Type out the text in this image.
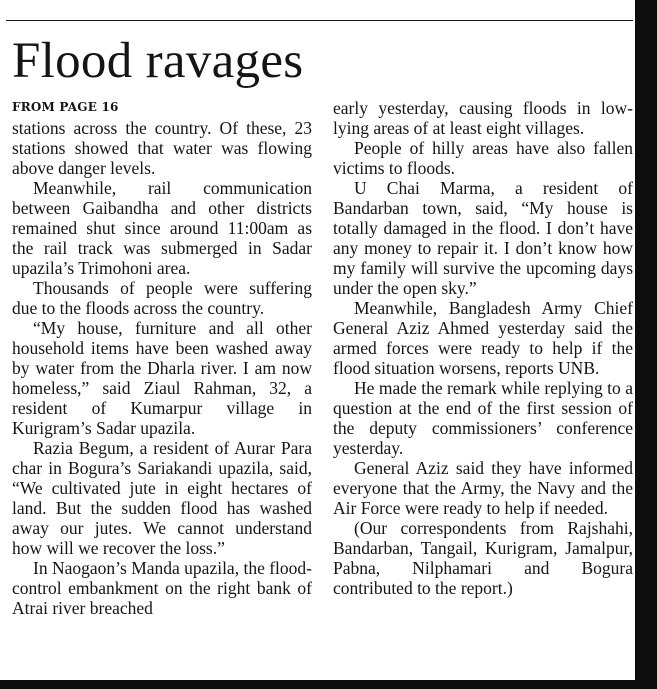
Flood ravages
FROM PAGE 16

stations across the country. Of these, 23 stations showed that water was flowing above danger levels.

Meanwhile, rail communication between Gaibandha and other districts remained shut since around 11:00am as the rail track was submerged in Sadar upazila’s Trimohoni area.

Thousands of people were suffering due to the floods across the country.

“My house, furniture and all other household items have been washed away by water from the Dharla river. I am now homeless,” said Ziaul Rahman, 32, a resident of Kumarpur village in Kurigram’s Sadar upazila.

Razia Begum, a resident of Aurar Para char in Bogura’s Sariakandi upazila, said, “We cultivated jute in eight hectares of land. But the sudden flood has washed away our jutes. We cannot understand how will we recover the loss.”

In Naogaon’s Manda upazila, the flood-control embankment on the right bank of Atrai river breached

early yesterday, causing floods in low-lying areas of at least eight villages.

People of hilly areas have also fallen victims to floods.

U Chai Marma, a resident of Bandarban town, said, “My house is totally damaged in the flood. I don’t have any money to repair it. I don’t know how my family will survive the upcoming days under the open sky.”

Meanwhile, Bangladesh Army Chief General Aziz Ahmed yesterday said the armed forces were ready to help if the flood situation worsens, reports UNB.

He made the remark while replying to a question at the end of the first session of the deputy commissioners’ conference yesterday.

General Aziz said they have informed everyone that the Army, the Navy and the Air Force were ready to help if needed.

(Our correspondents from Rajshahi, Bandarban, Tangail, Kurigram, Jamalpur, Pabna, Nilphamari and Bogura contributed to the report.)
